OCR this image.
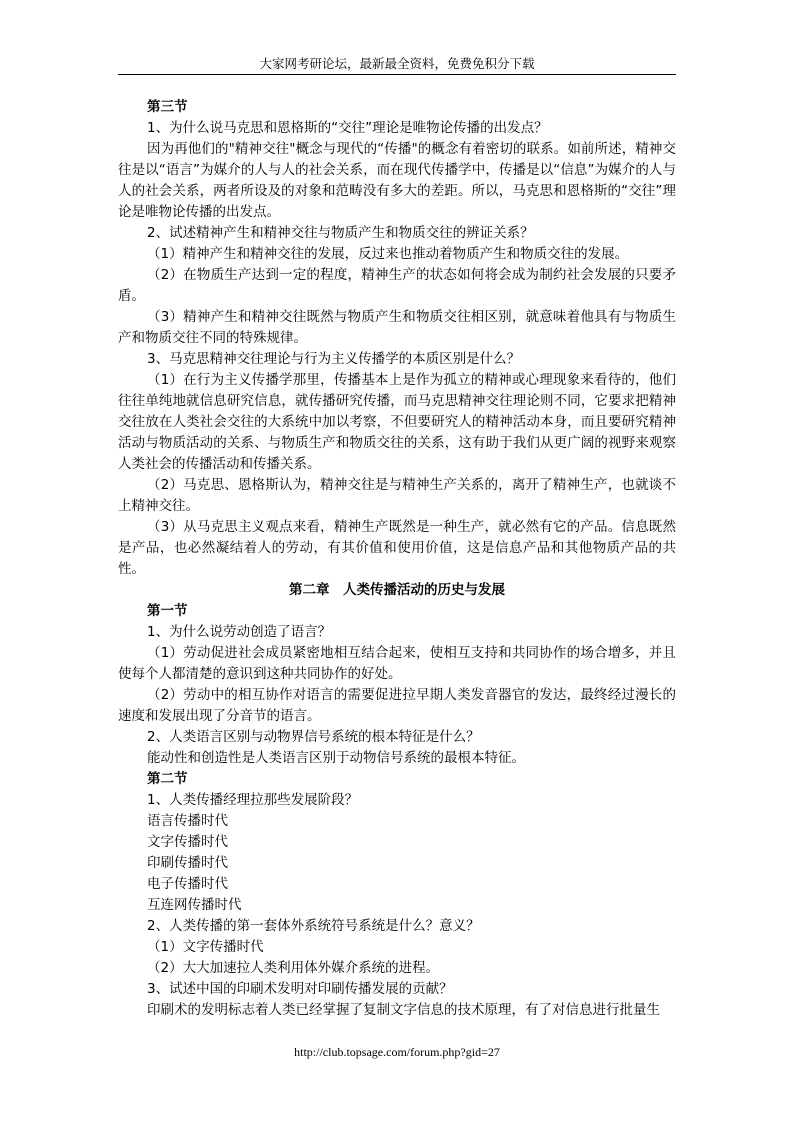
大家网考研论坛，最新最全资料，免费免积分下载

第三节

1、为什么说马克思和恩格斯的“交往”理论是唯物论传播的出发点？

因为再他们的"精神交往"概念与现代的“传播"的概念有着密切的联系。如前所述，精神交往是以“语言”为媒介的人与人的社会关系，而在现代传播学中，传播是以“信息”为媒介的人与人的社会关系，两者所设及的对象和范畴没有多大的差距。所以，马克思和恩格斯的“交往”理论是唯物论传播的出发点。

2、试述精神产生和精神交往与物质产生和物质交往的辨证关系？

（1）精神产生和精神交往的发展，反过来也推动着物质产生和物质交往的发展。

（2）在物质生产达到一定的程度，精神生产的状态如何将会成为制约社会发展的只要矛盾。

（3）精神产生和精神交往既然与物质产生和物质交往相区别，就意味着他具有与物质生产和物质交往不同的特殊规律。

3、马克思精神交往理论与行为主义传播学的本质区别是什么？

（1）在行为主义传播学那里，传播基本上是作为孤立的精神或心理现象来看待的，他们往往单纯地就信息研究信息，就传播研究传播，而马克思精神交往理论则不同，它要求把精神交往放在人类社会交往的大系统中加以考察，不但要研究人的精神活动本身，而且要研究精神活动与物质活动的关系、与物质生产和物质交往的关系，这有助于我们从更广阔的视野来观察人类社会的传播活动和传播关系。

（2）马克思、恩格斯认为，精神交往是与精神生产关系的，离开了精神生产，也就谈不上精神交往。

（3）从马克思主义观点来看，精神生产既然是一种生产，就必然有它的产品。信息既然是产品，也必然凝结着人的劳动，有其价值和使用价值，这是信息产品和其他物质产品的共性。

第二章　人类传播活动的历史与发展

第一节

1、为什么说劳动创造了语言？

（1）劳动促进社会成员紧密地相互结合起来，使相互支持和共同协作的场合增多，并且使每个人都清楚的意识到这种共同协作的好处。

（2）劳动中的相互协作对语言的需要促进拉早期人类发音器官的发达，最终经过漫长的速度和发展出现了分音节的语言。

2、人类语言区别与动物界信号系统的根本特征是什么？

能动性和创造性是人类语言区别于动物信号系统的最根本特征。

第二节

1、人类传播经理拉那些发展阶段？

语言传播时代

文字传播时代

印刷传播时代

电子传播时代

互连网传播时代

2、人类传播的第一套体外系统符号系统是什么？意义？

（1）文字传播时代

（2）大大加速拉人类利用体外媒介系统的进程。

3、试述中国的印刷术发明对印刷传播发展的贡献？

印刷术的发明标志着人类已经掌握了复制文字信息的技术原理，有了对信息进行批量生

http://club.topsage.com/forum.php?gid=27
